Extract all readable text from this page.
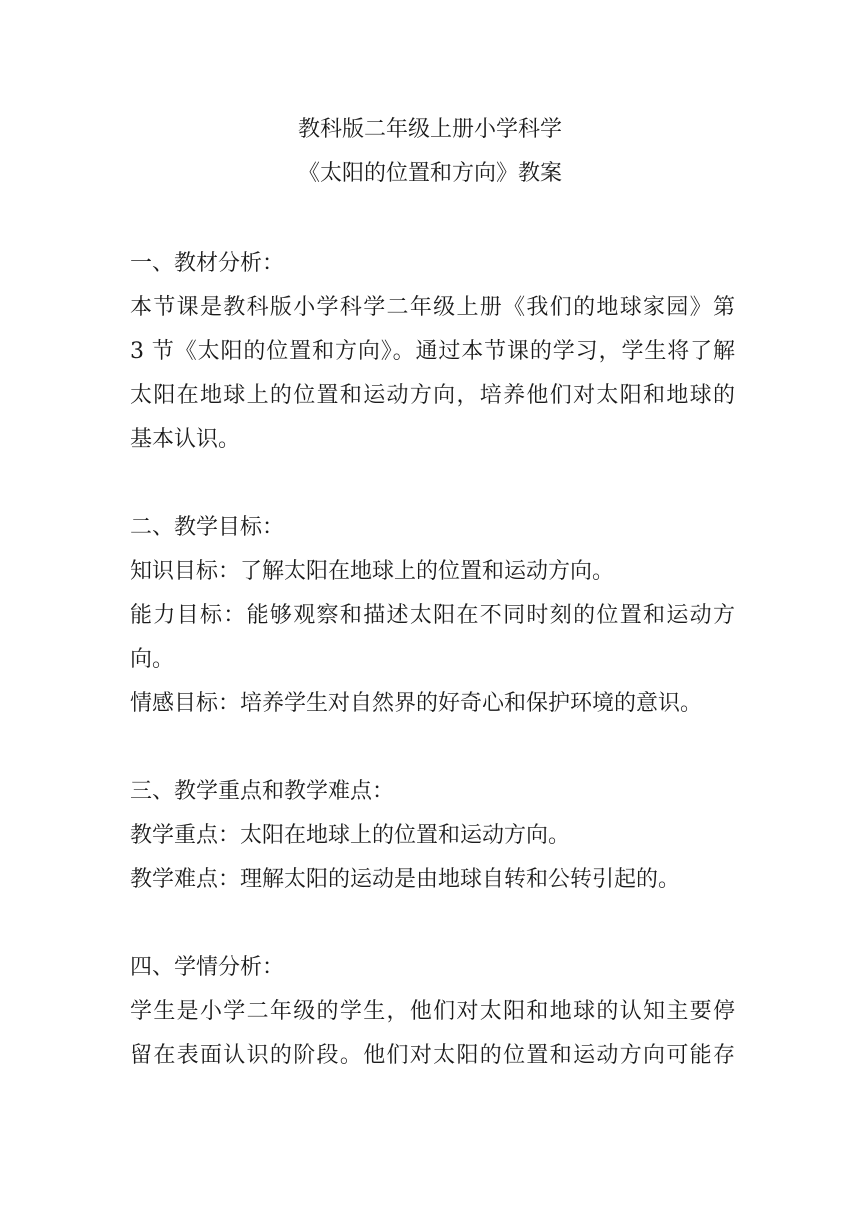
教科版二年级上册小学科学
《太阳的位置和方向》教案
一、教材分析：
本节课是教科版小学科学二年级上册《我们的地球家园》第
3 节《太阳的位置和方向》。通过本节课的学习，学生将了解
太阳在地球上的位置和运动方向，培养他们对太阳和地球的
基本认识。
二、教学目标：
知识目标：了解太阳在地球上的位置和运动方向。
能力目标：能够观察和描述太阳在不同时刻的位置和运动方
向。
情感目标：培养学生对自然界的好奇心和保护环境的意识。
三、教学重点和教学难点：
教学重点：太阳在地球上的位置和运动方向。
教学难点：理解太阳的运动是由地球自转和公转引起的。
四、学情分析：
学生是小学二年级的学生，他们对太阳和地球的认知主要停
留在表面认识的阶段。他们对太阳的位置和运动方向可能存
